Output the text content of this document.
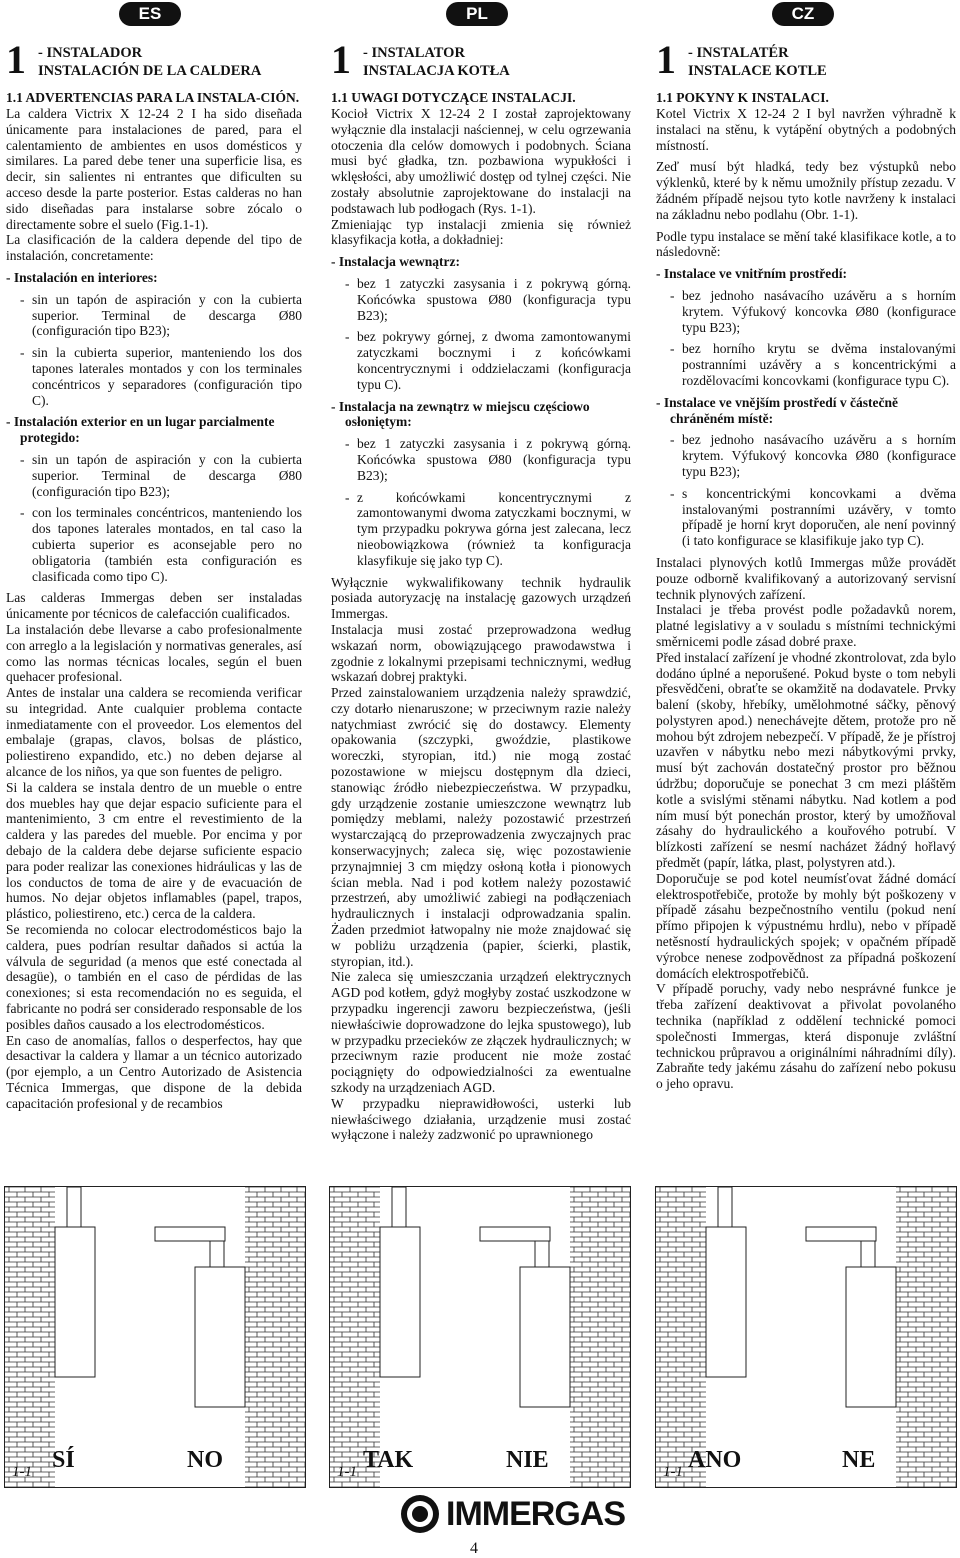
ES	PL	CZ
1 - INSTALADOR
INSTALACIÓN DE LA CALDERA
1.1 ADVERTENCIAS PARA LA INSTALA-CIÓN.

La caldera Victrix X 12-24 2 I ha sido diseñada únicamente para instalaciones de pared, para el calentamiento de ambientes en usos domésticos y similares. La pared debe tener una superficie lisa, es decir, sin salientes ni entrantes que dificulten su acceso desde la parte posterior. Estas calderas no han sido diseñadas para instalarse sobre zócalo o directamente sobre el suelo (Fig.1-1).

La clasificación de la caldera depende del tipo de instalación, concretamente:

- Instalación en interiores:
- sin un tapón de aspiración y con la cubierta superior. Terminal de descarga Ø80 (configuración tipo B23);
- sin la cubierta superior, manteniendo los dos tapones laterales montados y con los terminales concéntricos y separadores (configuración tipo C).
- Instalación exterior en un lugar parcialmente protegido:
- sin un tapón de aspiración y con la cubierta superior. Terminal de descarga Ø80 (configuración tipo B23);
- con los terminales concéntricos, manteniendo los dos tapones laterales montados, en tal caso la cubierta superior es aconsejable pero no obligatoria (también esta configuración es clasificada como tipo C).

Las calderas Immergas deben ser instaladas únicamente por técnicos de calefacción cualificados.

La instalación debe llevarse a cabo profesionalmente con arreglo a la legislación y normativas generales, así como las normas técnicas locales, según el buen quehacer profesional.

Antes de instalar una caldera se recomienda verificar su integridad. Ante cualquier problema contacte inmediatamente con el proveedor. Los elementos del embalaje (grapas, clavos, bolsas de plástico, poliestireno expandido, etc.) no deben dejarse al alcance de los niños, ya que son fuentes de peligro.

Si la caldera se instala dentro de un mueble o entre dos muebles hay que dejar espacio suficiente para el mantenimiento, 3 cm entre el revestimiento de la caldera y las paredes del mueble. Por encima y por debajo de la caldera debe dejarse suficiente espacio para poder realizar las conexiones hidráulicas y las de los conductos de toma de aire y de evacuación de humos. No dejar objetos inflamables (papel, trapos, plástico, poliestireno, etc.) cerca de la caldera.

Se recomienda no colocar electrodomésticos bajo la caldera, pues podrían resultar dañados si actúa la válvula de seguridad (a menos que esté conectada al desagüe), o también en el caso de pérdidas de las conexiones; si esta recomendación no es seguida, el fabricante no podrá ser considerado responsable de los posibles daños causado a los electrodomésticos.

En caso de anomalías, fallos o desperfectos, hay que desactivar la caldera y llamar a un técnico autorizado (por ejemplo, a un Centro Autorizado de Asistencia Técnica Immergas, que dispone de la debida capacitación profesional y de recambios

1 - INSTALATOR
INSTALACJA KOTŁA
1.1 UWAGI DOTYCZĄCE INSTALACJI.

Kocioł Victrix X 12-24 2 I został zaprojektowany wyłącznie dla instalacji naściennej, w celu ogrzewania otoczenia dla celów domowych i podobnych. Ściana musi być gładka, tzn. pozbawiona wypukłości i wklęsłości, aby umożliwić dostęp od tylnej części. Nie zostały absolutnie zaprojektowane do instalacji na podstawach lub podłogach (Rys. 1-1).

Zmieniając typ instalacji zmienia się również klasyfikacja kotła, a dokładniej:

- Instalacja wewnątrz:
- bez 1 zatyczki zasysania i z pokrywą górną. Końcówka spustowa Ø80 (konfiguracja typu B23);
- bez pokrywy górnej, z dwoma zamontowanymi zatyczkami bocznymi i z końcówkami koncentrycznymi i oddzielaczami (konfiguracja typu C).
- Instalacja na zewnątrz w miejscu częściowo osłoniętym:
- bez 1 zatyczki zasysania i z pokrywą górną. Końcówka spustowa Ø80 (konfiguracja typu B23);
- z końcówkami koncentrycznymi z zamontowanymi dwoma zatyczkami bocznymi, w tym przypadku pokrywa górna jest zalecana, lecz nieobowiązkowa (również ta konfiguracja klasyfikuje się jako typ C).

Wyłącznie wykwalifikowany technik hydraulik posiada autoryzację na instalację gazowych urządzeń Immergas.

Instalacja musi zostać przeprowadzona według wskazań norm, obowiązującego prawodawstwa i zgodnie z lokalnymi przepisami technicznymi, według wskazań dobrej praktyki.

Przed zainstalowaniem urządzenia należy sprawdzić, czy dotarło nienaruszone; w przeciwnym razie należy natychmiast zwrócić się do dostawcy. Elementy opakowania (szczypki, gwoździe, plastikowe woreczki, styropian, itd.) nie mogą zostać pozostawione w miejscu dostępnym dla dzieci, stanowiąc źródło niebezpieczeństwa. W przypadku, gdy urządzenie zostanie umieszczone wewnątrz lub pomiędzy meblami, należy pozostawić przestrzeń wystarczającą do przeprowadzenia zwyczajnych prac konserwacyjnych; zaleca się, więc pozostawienie przynajmniej 3 cm między osłoną kotła i pionowych ścian mebla. Nad i pod kotłem należy pozostawić przestrzeń, aby umożliwić zabiegi na podłączeniach hydraulicznych i instalacji odprowadzania spalin. Żaden przedmiot łatwopalny nie może znajdować się w pobliżu urządzenia (papier, ścierki, plastik, styropian, itd.).

Nie zaleca się umieszczania urządzeń elektrycznych AGD pod kotłem, gdyż mogłyby zostać uszkodzone w przypadku ingerencji zaworu bezpieczeństwa, (jeśli niewłaściwie doprowadzone do lejka spustowego), lub w przypadku przecieków ze złączek hydraulicznych; w przeciwnym razie producent nie może zostać pociągnięty do odpowiedzialności za ewentualne szkody na urządzeniach AGD.

W przypadku nieprawidłowości, usterki lub niewłaściwego działania, urządzenie musi zostać wyłączone i należy zadzwonić po uprawnionego

1 - INSTALATÉR
INSTALACE KOTLE
1.1 POKYNY K INSTALACI.

Kotel Victrix X 12-24 2 I byl navržen výhradně k instalaci na stěnu, k vytápění obytných a podobných místností.

Zeď musí být hladká, tedy bez výstupků nebo výklenků, které by k němu umožnily přístup zezadu. V žádném případě nejsou tyto kotle navrženy k instalaci na základnu nebo podlahu (Obr. 1-1).

Podle typu instalace se mění také klasifikace kotle, a to následovně:

- Instalace ve vnitřním prostředí:
- bez jednoho nasávacího uzávěru a s horním krytem. Výfukový koncovka Ø80 (konfigurace typu B23);
- bez horního krytu se dvěma instalovanými postranními uzávěry a s koncentrickými a rozdělovacími koncovkami (konfigurace typu C).
- Instalace ve vnějším prostředí v částečně chráněném místě:
- bez jednoho nasávacího uzávěru a s horním krytem. Výfukový koncovka Ø80 (konfigurace typu B23);
- s koncentrickými koncovkami a dvěma instalovanými postranními uzávěry, v tomto případě je horní kryt doporučen, ale není povinný (i tato konfigurace se klasifikuje jako typ C).

Instalaci plynových kotlů Immergas může provádět pouze odborně kvalifikovaný a autorizovaný servisní technik plynových zařízení.

Instalaci je třeba provést podle požadavků norem, platné legislativy a v souladu s místními technickými směrnicemi podle zásad dobré praxe.

Před instalací zařízení je vhodné zkontrolovat, zda bylo dodáno úplné a neporušené. Pokud byste o tom nebyli přesvědčeni, obraťte se okamžitě na dodavatele. Prvky balení (skoby, hřebíky, umělohmotné sáčky, pěnový polystyren apod.) nenechávejte dětem, protože pro ně mohou být zdrojem nebezpečí. V případě, že je přístroj uzavřen v nábytku nebo mezi nábytkovými prvky, musí být zachován dostatečný prostor pro běžnou údržbu; doporučuje se ponechat 3 cm mezi pláštěm kotle a svislými stěnami nábytku. Nad kotlem a pod ním musí být ponechán prostor, který by umožňoval zásahy do hydraulického a kouřového potrubí. V blízkosti zařízení se nesmí nacházet žádný hořlavý předmět (papír, látka, plast, polystyren atd.).

Doporučuje se pod kotel neumísťovat žádné domácí elektrospotřebiče, protože by mohly být poškozeny v případě zásahu bezpečnostního ventilu (pokud není přímo připojen k výpustnému hrdlu), nebo v případě netěsností hydraulických spojek; v opačném případě výrobce nenese zodpovědnost za případná poškození domácích elektrospotřebičů.

V případě poruchy, vady nebo nesprávné funkce je třeba zařízení deaktivovat a přivolat povolaného technika (například z oddělení technické pomoci společnosti Immergas, která disponuje zvláštní technickou průpravou a originálními náhradními díly). Zabraňte tedy jakému zásahu do zařízení nebo pokusu o jeho opravu.

1-1 SÍ	NO	1-1 TAK	NIE	1-1 ANO	NE
IMMERGAS
4
